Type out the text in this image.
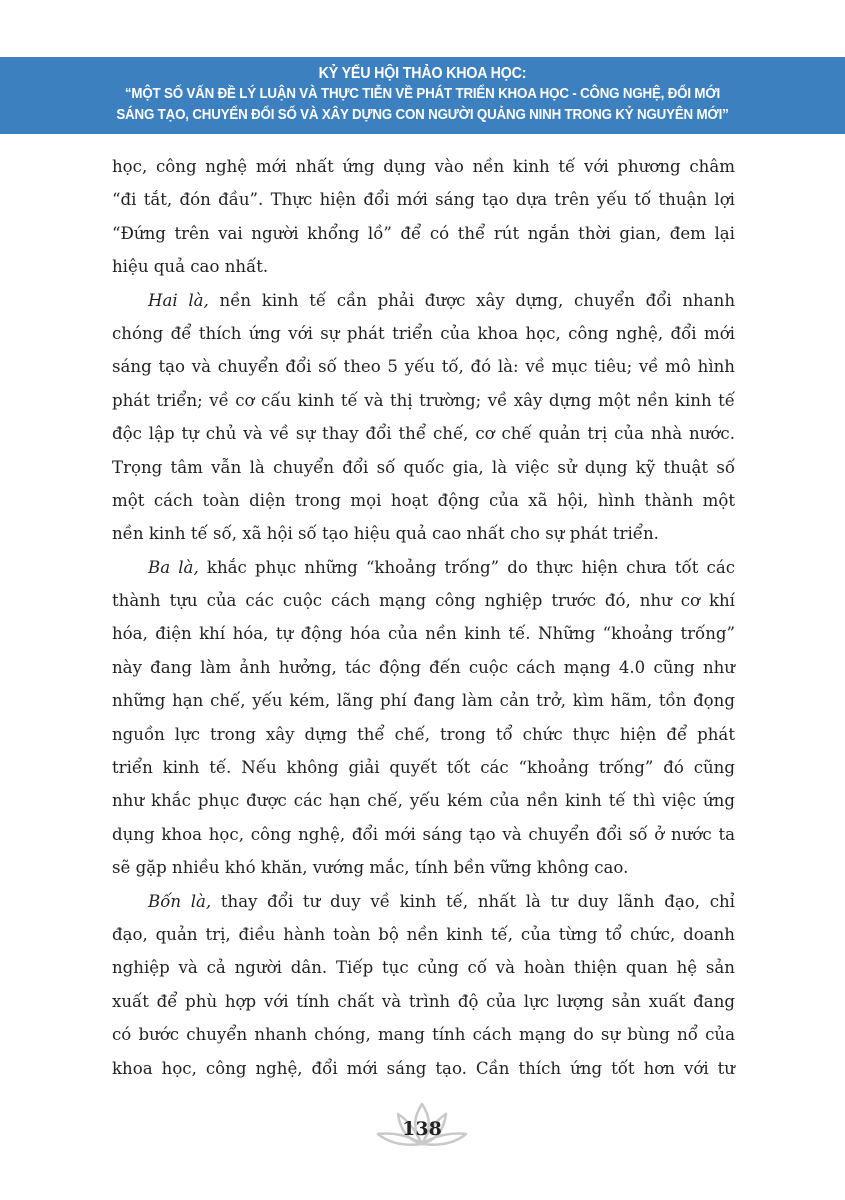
KỶ YẾU HỘI THẢO KHOA HỌC:
“MỘT SỐ VẤN ĐỀ LÝ LUẬN VÀ THỰC TIỄN VỀ PHÁT TRIỂN KHOA HỌC - CÔNG NGHỆ, ĐỔI MỚI
SÁNG TẠO, CHUYỂN ĐỔI SỐ VÀ XÂY DỰNG CON NGƯỜI QUẢNG NINH TRONG KỶ NGUYÊN MỚI”
học, công nghệ mới nhất ứng dụng vào nền kinh tế với phương châm
“đi tắt, đón đầu”. Thực hiện đổi mới sáng tạo dựa trên yếu tố thuận lợi
“Đứng trên vai người khổng lồ” để có thể rút ngắn thời gian, đem lại
hiệu quả cao nhất.
Hai là, nền kinh tế cần phải được xây dựng, chuyển đổi nhanh
chóng để thích ứng với sự phát triển của khoa học, công nghệ, đổi mới
sáng tạo và chuyển đổi số theo 5 yếu tố, đó là: về mục tiêu; về mô hình
phát triển; về cơ cấu kinh tế và thị trường; về xây dựng một nền kinh tế
độc lập tự chủ và về sự thay đổi thể chế, cơ chế quản trị của nhà nước.
Trọng tâm vẫn là chuyển đổi số quốc gia, là việc sử dụng kỹ thuật số
một cách toàn diện trong mọi hoạt động của xã hội, hình thành một
nền kinh tế số, xã hội số tạo hiệu quả cao nhất cho sự phát triển.
Ba là, khắc phục những “khoảng trống” do thực hiện chưa tốt các
thành tựu của các cuộc cách mạng công nghiệp trước đó, như cơ khí
hóa, điện khí hóa, tự động hóa của nền kinh tế. Những “khoảng trống”
này đang làm ảnh hưởng, tác động đến cuộc cách mạng 4.0 cũng như
những hạn chế, yếu kém, lãng phí đang làm cản trở, kìm hãm, tồn đọng
nguồn lực trong xây dựng thể chế, trong tổ chức thực hiện để phát
triển kinh tế. Nếu không giải quyết tốt các “khoảng trống” đó cũng
như khắc phục được các hạn chế, yếu kém của nền kinh tế thì việc ứng
dụng khoa học, công nghệ, đổi mới sáng tạo và chuyển đổi số ở nước ta
sẽ gặp nhiều khó khăn, vướng mắc, tính bền vững không cao.
Bốn là, thay đổi tư duy về kinh tế, nhất là tư duy lãnh đạo, chỉ
đạo, quản trị, điều hành toàn bộ nền kinh tế, của từng tổ chức, doanh
nghiệp và cả người dân. Tiếp tục củng cố và hoàn thiện quan hệ sản
xuất để phù hợp với tính chất và trình độ của lực lượng sản xuất đang
có bước chuyển nhanh chóng, mang tính cách mạng do sự bùng nổ của
khoa học, công nghệ, đổi mới sáng tạo. Cần thích ứng tốt hơn với tư
138
